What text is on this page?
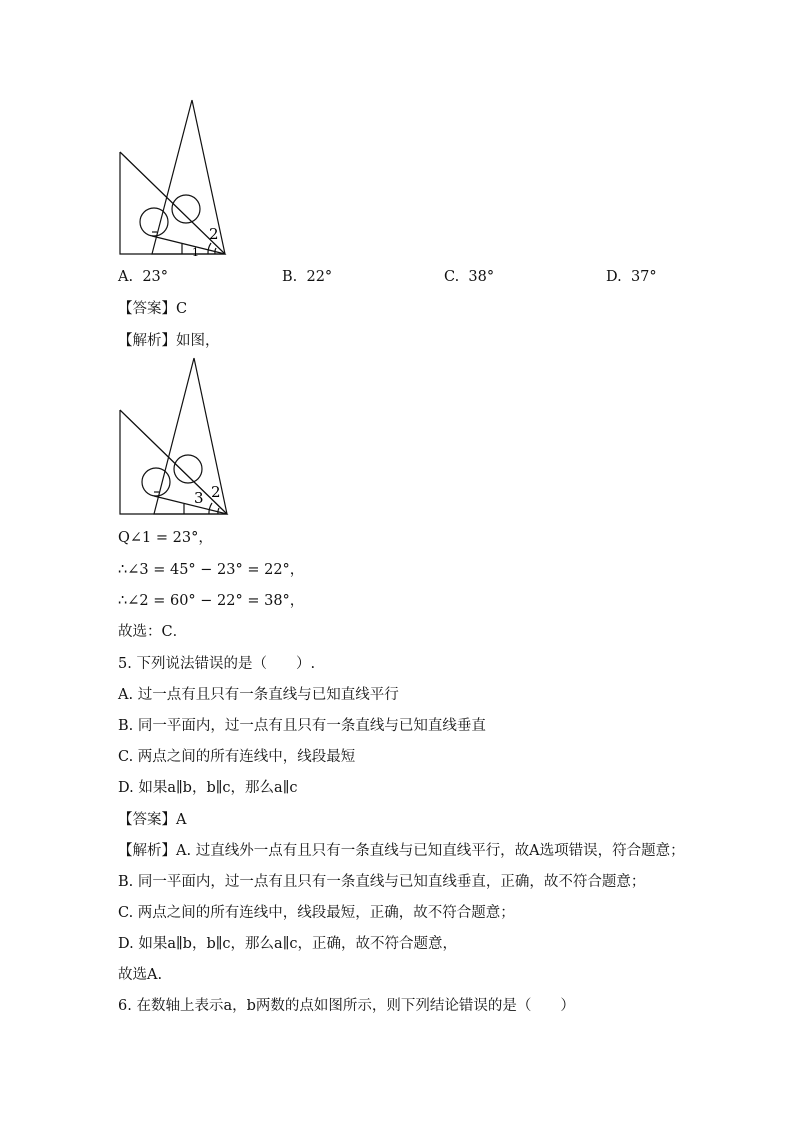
2
1
A. 23°	B. 22°	C. 38°	D. 37°
【答案】C
【解析】如图，
2
3
Q∠1 = 23°，
∴∠3 = 45° − 23° = 22°，
∴∠2 = 60° − 22° = 38°，
故选：C．
5. 下列说法错误的是（　　）.
A. 过一点有且只有一条直线与已知直线平行
B. 同一平面内，过一点有且只有一条直线与已知直线垂直
C. 两点之间的所有连线中，线段最短
D. 如果a∥b，b∥c，那么a∥c
【答案】A
【解析】A. 过直线外一点有且只有一条直线与已知直线平行，故A选项错误，符合题意；
B. 同一平面内，过一点有且只有一条直线与已知直线垂直，正确，故不符合题意；
C. 两点之间的所有连线中，线段最短，正确，故不符合题意；
D. 如果a∥b，b∥c，那么a∥c，正确，故不符合题意，
故选A.
6. 在数轴上表示a，b两数的点如图所示，则下列结论错误的是（　　）
